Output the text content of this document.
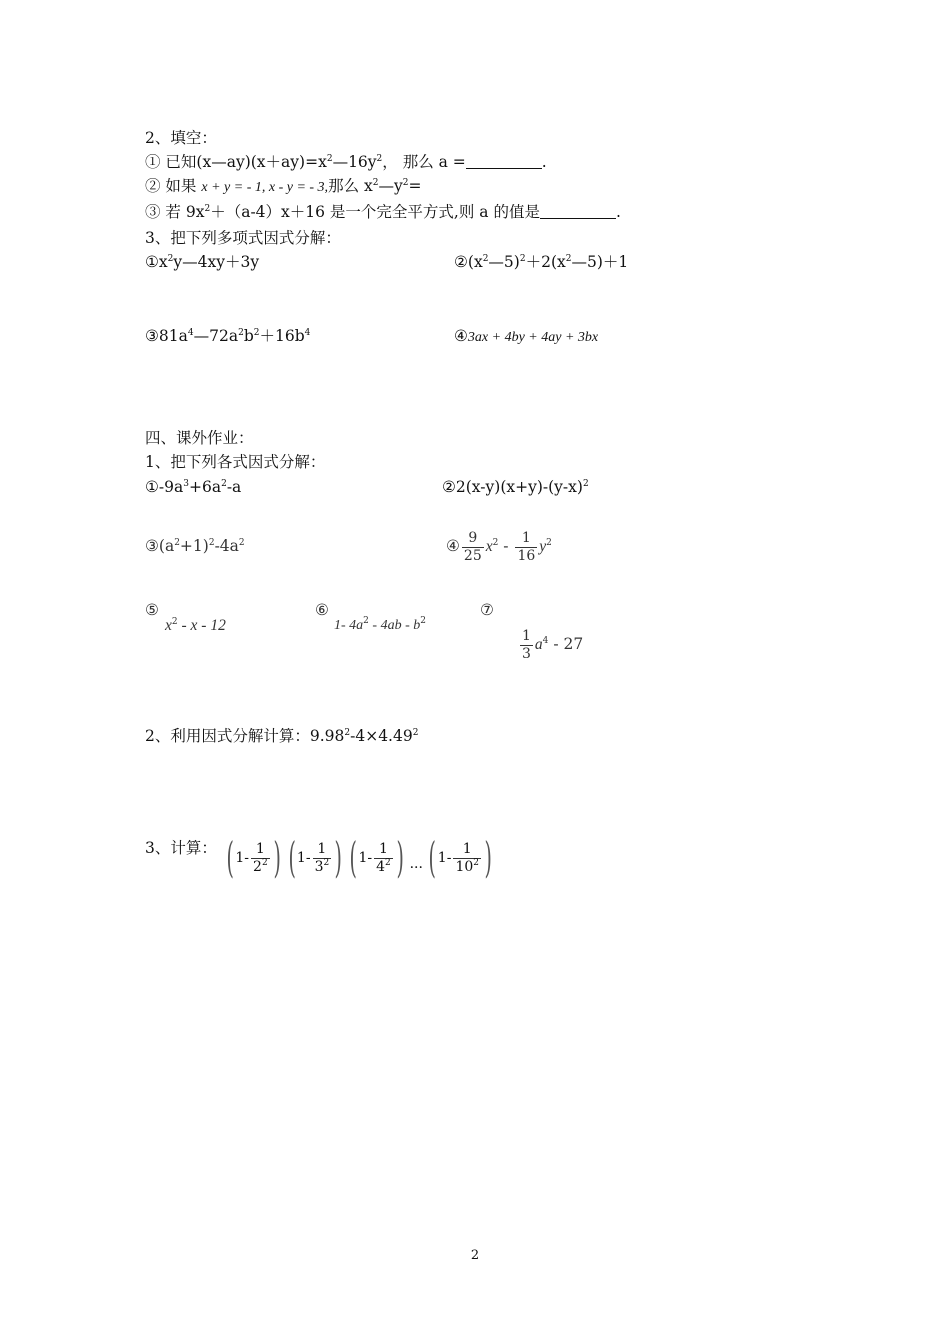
2、填空：
① 已知$(x—ay)(x+ay)=x^2—16y^2$， 那么 a =	.
② 如果 x + y = - 1, x - y = - 3,那么 $x^2—y^2=$
③ 若 $9x^2+(a-4)x+16$ 是一个完全平方式,则 a 的值是	.
3、把下列多项式因式分解：
$①x^2y—4xy+3y$	$②(x^2—5)^2+2(x^2—5)+1$
$③81a^4—72a^2b^2+16b^4$	④3ax + 4by + 4ay + 3bx
四、课外作业：
1、把下列各式因式分解：
$①-9a^3+6a^2-a$	$②2(x-y)(x+y)-(y-x)^2$
$③(a^2+1)^2-4a^2$	④ $\frac{9}{25} x^2 - \frac{1}{16} y^2$
⑤
$x^2$ - x - 12
⑥
1- $4a^2 - 4ab - b^2$
⑦
$\frac{1}{3} a^4 - 27$
2、利用因式分解计算：$9.98^2-4\times 4.49^2$
3、计算： ( $1- \frac{1}{2^2}$ )
( $1- \frac{1}{3^2}$ )
( $1- \frac{1}{4^2}$ ) ··· ( $1- \frac{1}{10^2}$ )
2
